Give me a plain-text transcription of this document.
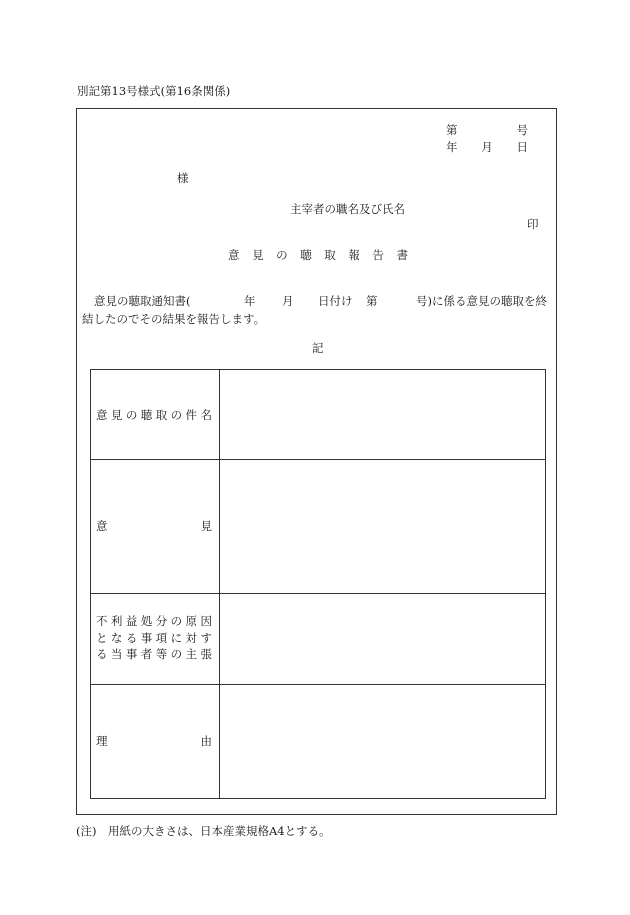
別記第13号様式(第16条関係)
第	号
年 月 日
様
主宰者の職名及び氏名
印
意 見 の 聴 取 報 告 書
意見の聴取通知書(	年 月 日付け 第	号)に係る意見の聴取を終
結したのでその結果を報告します。
記
意 見 の 聴 取 の 件 名
意	見
不 利 益 処 分 の 原 因
と な る 事 項 に 対 す
る 当 事 者 等 の 主 張
理	由
(注)　用紙の大きさは、日本産業規格A4とする。
